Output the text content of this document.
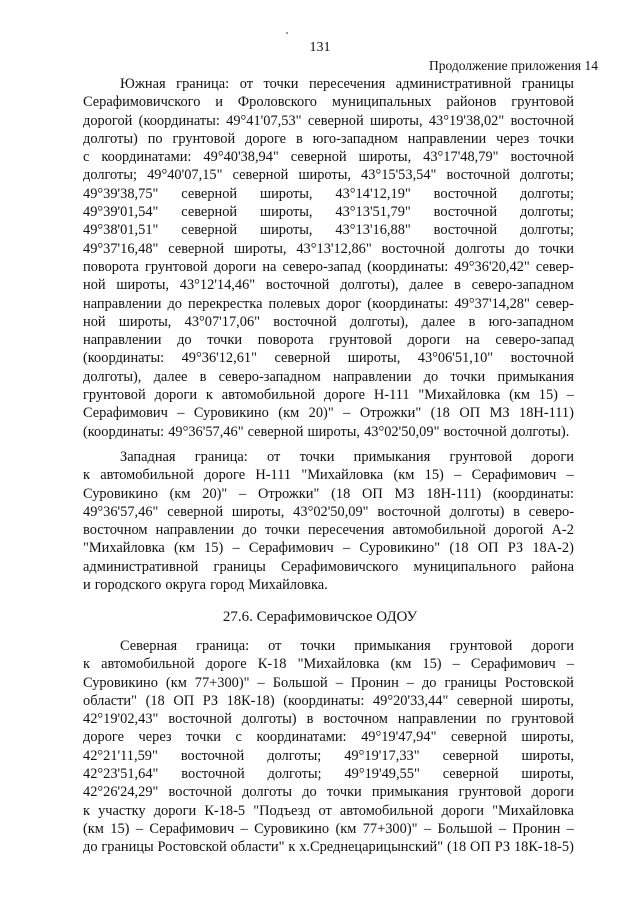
131
Продолжение приложения 14
Южная граница: от точки пересечения административной границы
Серафимовичского и Фроловского муниципальных районов грунтовой
дорогой (координаты: 49°41'07,53" северной широты, 43°19'38,02" восточной
долготы) по грунтовой дороге в юго-западном направлении через точки
с координатами: 49°40'38,94" северной широты, 43°17'48,79" восточной
долготы; 49°40'07,15" северной широты, 43°15'53,54" восточной долготы;
49°39'38,75" северной широты, 43°14'12,19" восточной долготы;
49°39'01,54" северной широты, 43°13'51,79" восточной долготы;
49°38'01,51" северной широты, 43°13'16,88" восточной долготы;
49°37'16,48" северной широты, 43°13'12,86" восточной долготы до точки
поворота грунтовой дороги на северо-запад (координаты: 49°36'20,42" север-
ной широты, 43°12'14,46" восточной долготы), далее в северо-западном
направлении до перекрестка полевых дорог (координаты: 49°37'14,28" север-
ной широты, 43°07'17,06" восточной долготы), далее в юго-западном
направлении до точки поворота грунтовой дороги на северо-запад
(координаты: 49°36'12,61" северной широты, 43°06'51,10" восточной
долготы), далее в северо-западном направлении до точки примыкания
грунтовой дороги к автомобильной дороге Н-111 "Михайловка (км 15) –
Серафимович – Суровикино (км 20)" – Отрожки" (18 ОП МЗ 18Н-111)
(координаты: 49°36'57,46" северной широты, 43°02'50,09" восточной долготы).
Западная граница: от точки примыкания грунтовой дороги
к автомобильной дороге Н-111 "Михайловка (км 15) – Серафимович –
Суровикино (км 20)" – Отрожки" (18 ОП МЗ 18Н-111) (координаты:
49°36'57,46" северной широты, 43°02'50,09" восточной долготы) в северо-
восточном направлении до точки пересечения автомобильной дорогой А-2
"Михайловка (км 15) – Серафимович – Суровикино" (18 ОП РЗ 18А-2)
административной границы Серафимовичского муниципального района
и городского округа город Михайловка.
27.6. Серафимовичское ОДОУ
Северная граница: от точки примыкания грунтовой дороги
к автомобильной дороге К-18 "Михайловка (км 15) – Серафимович –
Суровикино (км 77+300)" – Большой – Пронин – до границы Ростовской
области" (18 ОП РЗ 18К-18) (координаты: 49°20'33,44" северной широты,
42°19'02,43" восточной долготы) в восточном направлении по грунтовой
дороге через точки с координатами: 49°19'47,94" северной широты,
42°21'11,59" восточной долготы; 49°19'17,33" северной широты,
42°23'51,64" восточной долготы; 49°19'49,55" северной широты,
42°26'24,29" восточной долготы до точки примыкания грунтовой дороги
к участку дороги К-18-5 "Подъезд от автомобильной дороги "Михайловка
(км 15) – Серафимович – Суровикино (км 77+300)" – Большой – Пронин –
до границы Ростовской области" к х.Среднецарицынский" (18 ОП РЗ 18К-18-5)
